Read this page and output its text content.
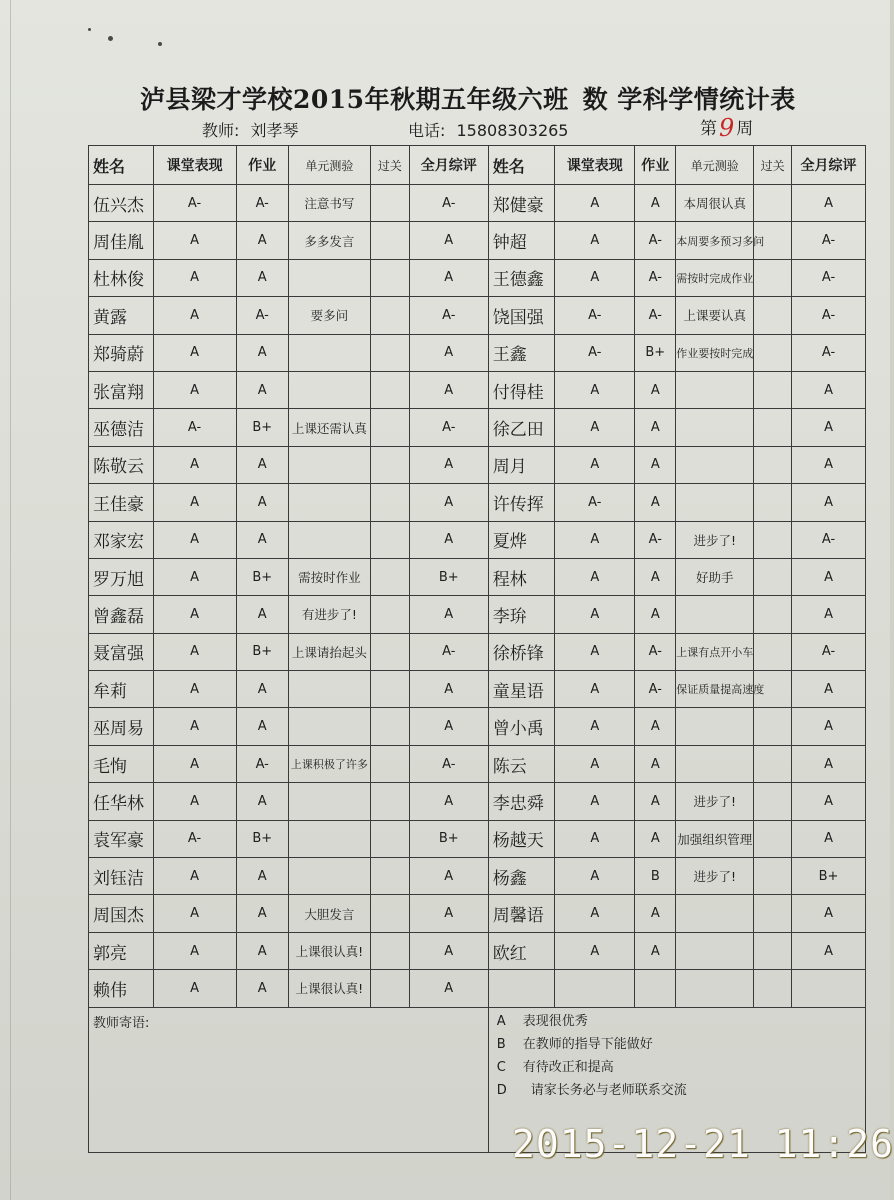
泸县梁才学校2015年秋期五年级六班 数 学科学情统计表
教师: 刘孝琴	电话: 15808303265	第9 周
姓名	课堂表现	作业	单元测验	过关	全月综评	姓名	课堂表现	作业	单元测验	过关	全月综评
伍兴杰	A-	A-	注意书写		A-	郑健豪	A	A	本周很认真		A
周佳胤	A	A	多多发言		A	钟超	A	A-	本周要多预习多问		A-
杜林俊	A	A			A	王德鑫	A	A-	需按时完成作业		A-
黄露	A	A-	要多问		A-	饶国强	A-	A-	上课要认真		A-
郑骑蔚	A	A			A	王鑫	A-	B+	作业要按时完成		A-
张富翔	A	A			A	付得桂	A	A			A
巫德洁	A-	B+	上课还需认真		A-	徐乙田	A	A			A
陈敬云	A	A			A	周月	A	A			A
王佳豪	A	A			A	许传挥	A-	A			A
邓家宏	A	A			A	夏烨	A	A-	进步了!		A-
罗万旭	A	B+	需按时作业		B+	程林	A	A	好助手		A
曾鑫磊	A	A	有进步了!		A	李㺹	A	A			A
聂富强	A	B+	上课请抬起头		A-	徐桥锋	A	A-	上课有点开小车		A-
牟莉	A	A			A	童星语	A	A-	保证质量提高速度		A
巫周易	A	A			A	曾小禹	A	A			A
毛恂	A	A-	上课积极了许多		A-	陈云	A	A			A
任华林	A	A			A	李忠舜	A	A	进步了!		A
袁军豪	A-	B+			B+	杨越天	A	A	加强组织管理		A
刘钰洁	A	A			A	杨鑫	A	B	进步了!		B+
周国杰	A	A	大胆发言		A	周馨语	A	A			A
郭亮	A	A	上课很认真!		A	欧红	A	A			A
赖伟	A	A	上课很认真!		A						
教师寄语:						A 表现很优秀
B 在教师的指导下能做好
C 有待改正和提高
D 请家长务必与老师联系交流					
2015-12-21 11:26
